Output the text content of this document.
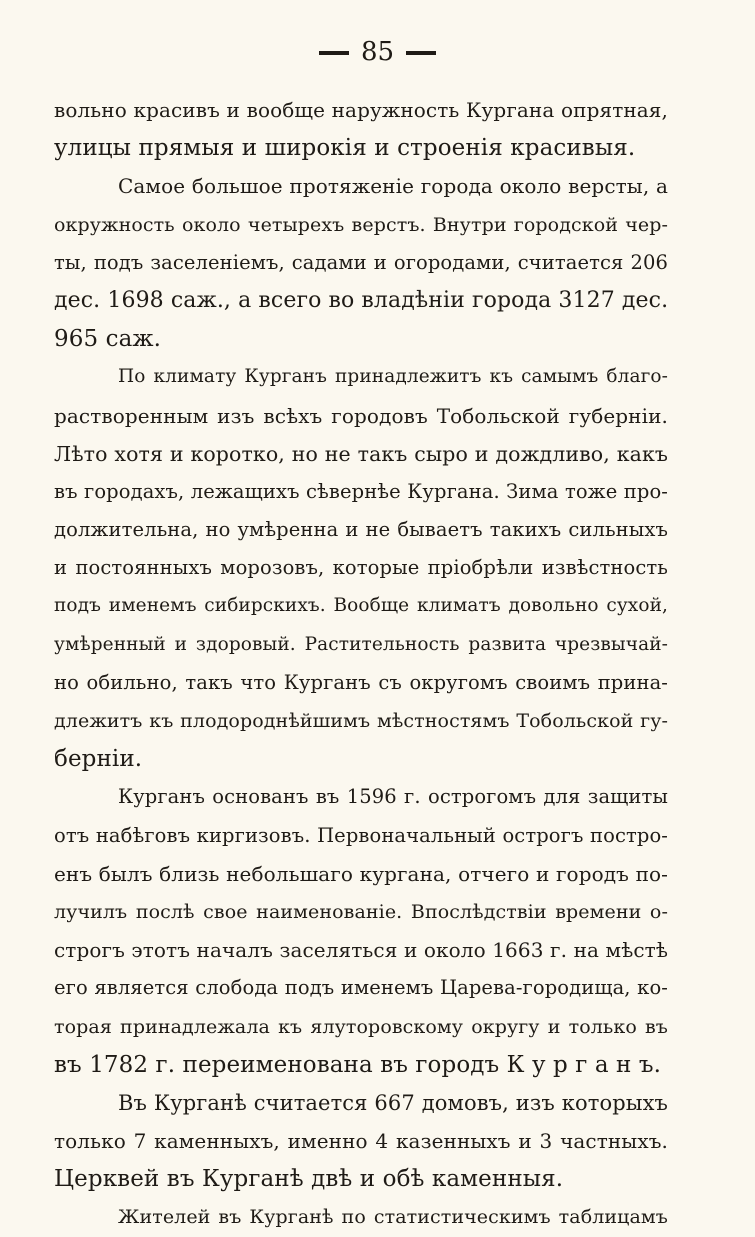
85
вольно красивъ и вообще наружность Кургана опрятная,
улицы прямыя и широкія и строенія красивыя.
Самое большое протяженіе города около версты, а
окружность около четырехъ верстъ. Внутри городской чер-
ты, подъ заселеніемъ, садами и огородами, считается 206
дес. 1698 саж., а всего во владѣніи города 3127 дес.
965 саж.
По климату Курганъ принадлежитъ къ самымъ благо-
растворенным изъ всѣхъ городовъ Тобольской губерніи.
Лѣто хотя и коротко, но не такъ сыро и дождливо, какъ
въ городахъ, лежащихъ сѣвернѣе Кургана. Зима тоже про-
должительна, но умѣренна и не бываетъ такихъ сильныхъ
и постоянныхъ морозовъ, которые пріобрѣли извѣстность
подъ именемъ сибирскихъ. Вообще климатъ довольно сухой,
умѣренный и здоровый. Растительность развита чрезвычай-
но обильно, такъ что Курганъ съ округомъ своимъ прина-
длежитъ къ плодороднѣйшимъ мѣстностямъ Тобольской гу-
берніи.
Курганъ основанъ въ 1596 г. острогомъ для защиты
отъ набѣговъ киргизовъ. Первоначальный острогъ постро-
енъ былъ близь небольшаго кургана, отчего и городъ по-
лучилъ послѣ свое наименованіе. Впослѣдствіи времени о-
строгъ этотъ началъ заселяться и около 1663 г. на мѣстѣ
его является слобода подъ именемъ Царева-городища, ко-
торая принадлежала къ ялуторовскому округу и только въ
въ 1782 г. переименована въ городъ К у р г а н ъ.
Въ Курганѣ считается 667 домовъ, изъ которыхъ
только 7 каменныхъ, именно 4 казенныхъ и 3 частныхъ.
Церквей въ Курганѣ двѣ и обѣ каменныя.
Жителей въ Курганѣ по статистическимъ таблицамъ
